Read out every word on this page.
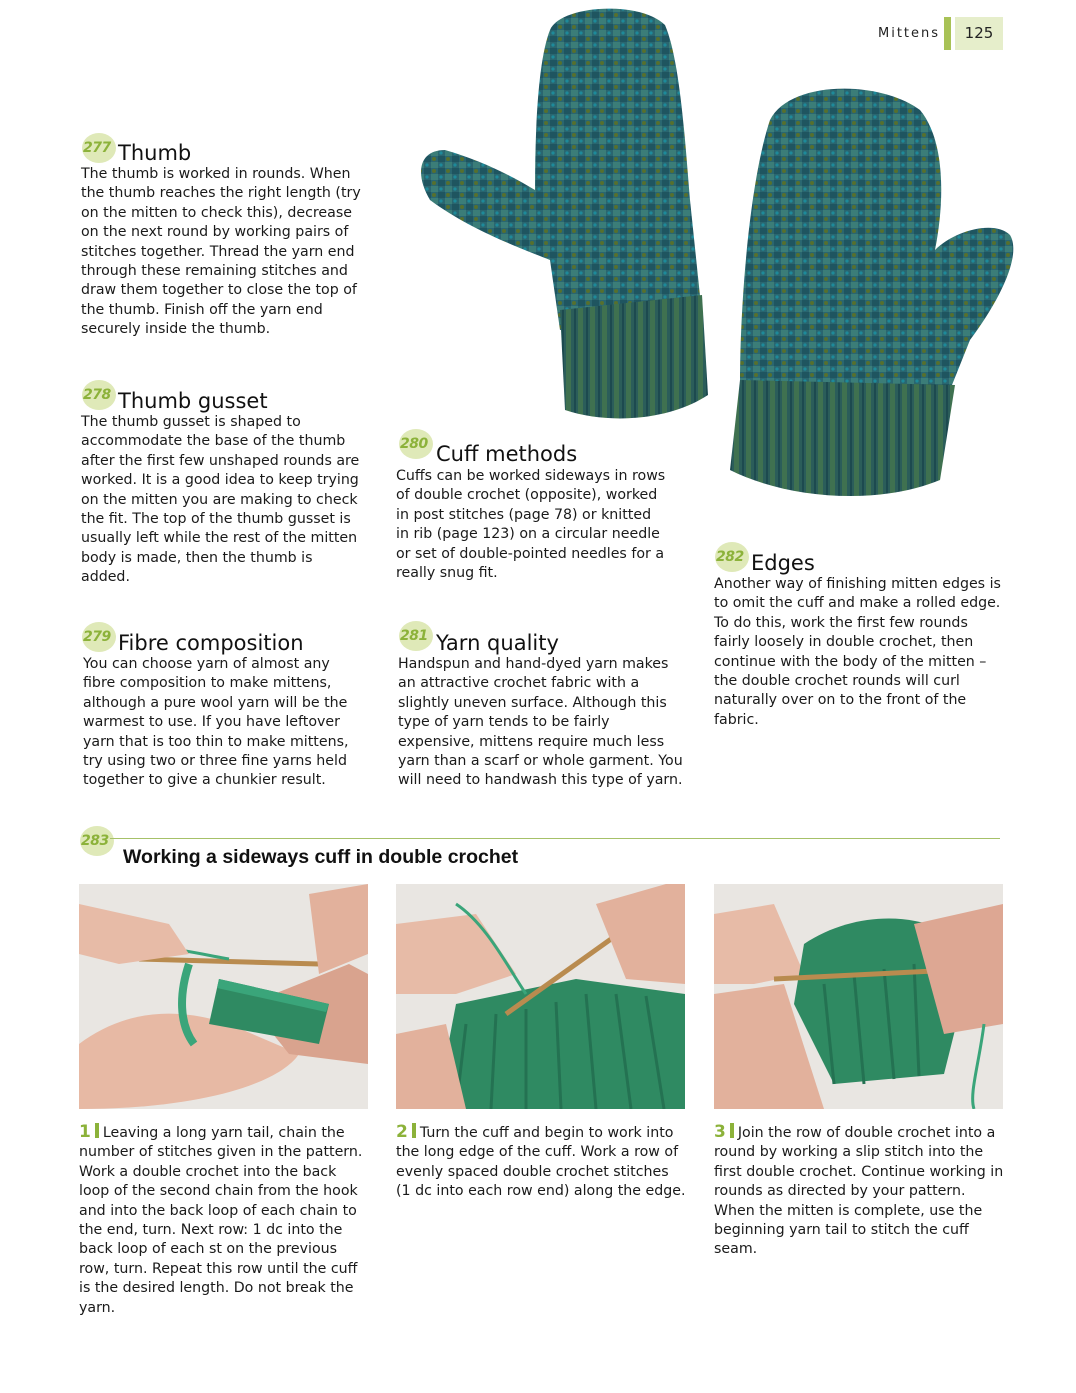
Mittens	125
277 Thumb

The thumb is worked in rounds. When the thumb reaches the right length (try on the mitten to check this), decrease on the next round by working pairs of stitches together. Thread the yarn end through these remaining stitches and draw them together to close the top of the thumb. Finish off the yarn end securely inside the thumb.

278 Thumb gusset

The thumb gusset is shaped to accommodate the base of the thumb after the first few unshaped rounds are worked. It is a good idea to keep trying on the mitten you are making to check the fit. The top of the thumb gusset is usually left while the rest of the mitten body is made, then the thumb is added.

279 Fibre composition

You can choose yarn of almost any fibre composition to make mittens, although a pure wool yarn will be the warmest to use. If you have leftover yarn that is too thin to make mittens, try using two or three fine yarns held together to give a chunkier result.

280 Cuff methods

Cuffs can be worked sideways in rows of double crochet (opposite), worked in post stitches (page 78) or knitted in rib (page 123) on a circular needle or set of double-pointed needles for a really snug fit.

281 Yarn quality

Handspun and hand-dyed yarn makes an attractive crochet fabric with a slightly uneven surface. Although this type of yarn tends to be fairly expensive, mittens require much less yarn than a scarf or whole garment. You will need to handwash this type of yarn.

282 Edges

Another way of finishing mitten edges is to omit the cuff and make a rolled edge. To do this, work the first few rounds fairly loosely in double crochet, then continue with the body of the mitten – the double crochet rounds will curl naturally over on to the front of the fabric.

283
Working a sideways cuff in double crochet

1 Leaving a long yarn tail, chain the number of stitches given in the pattern. Work a double crochet into the back loop of the second chain from the hook and into the back loop of each chain to the end, turn. Next row: 1 dc into the back loop of each st on the previous row, turn. Repeat this row until the cuff is the desired length. Do not break the yarn.

2 Turn the cuff and begin to work into the long edge of the cuff. Work a row of evenly spaced double crochet stitches (1 dc into each row end) along the edge.

3 Join the row of double crochet into a round by working a slip stitch into the first double crochet. Continue working in rounds as directed by your pattern. When the mitten is complete, use the beginning yarn tail to stitch the cuff seam.
